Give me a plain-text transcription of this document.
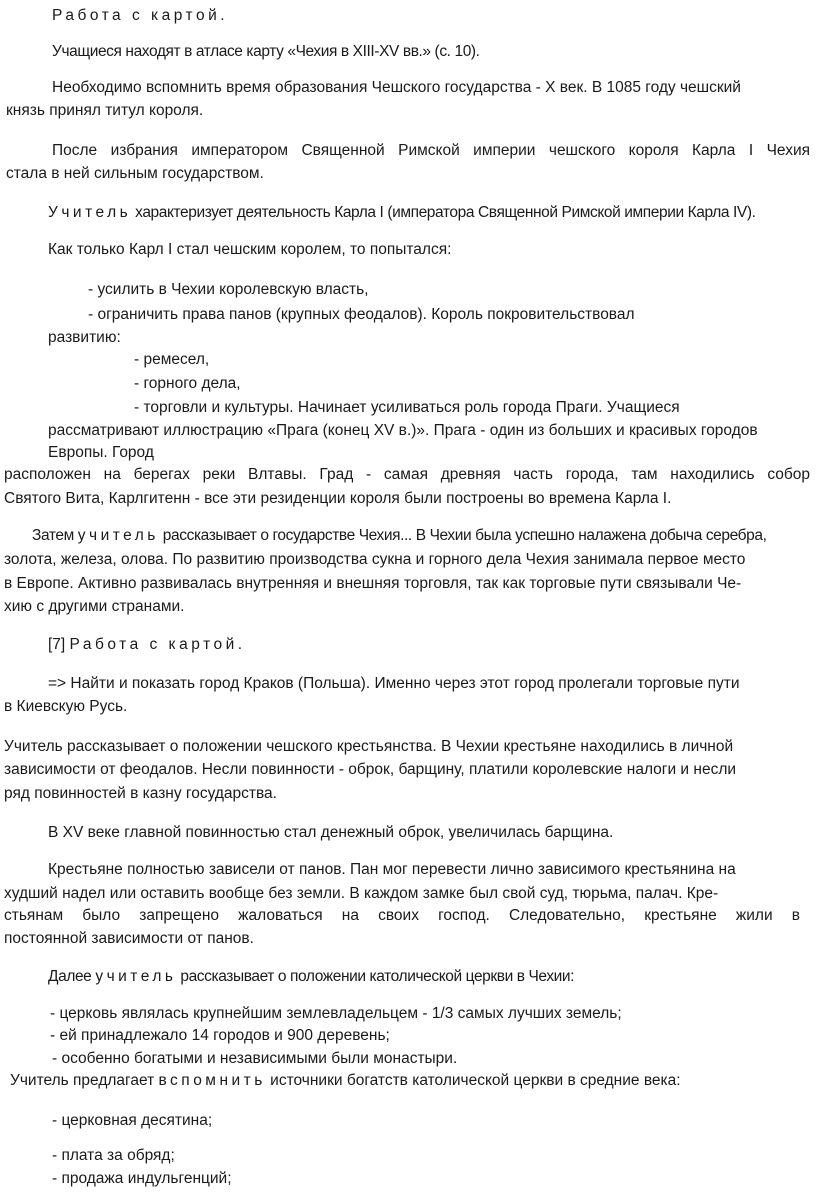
Работа с картой.

Учащиеся находят в атласе карту «Чехия в XIII-XV вв.» (с. 10).

Необходимо вспомнить время образования Чешского государства - X век. В 1085 году чешский

князь принял титул короля.

После избрания императором Священной Римской империи чешского короля Карла I Чехия

стала в ней сильным государством.

Учитель характеризует деятельность Карла I (императора Священной Римской империи Карла IV).

Как только Карл I стал чешским королем, то попытался:

- усилить в Чехии королевскую власть,

- ограничить права панов (крупных феодалов). Король покровительствовал

развитию:

- ремесел,

- горного дела,

- торговли и культуры. Начинает усиливаться роль города Праги. Учащиеся

рассматривают иллюстрацию «Прага (конец XV в.)». Прага - один из больших и красивых городов

Европы. Город

расположен на берегах реки Влтавы. Град - самая древняя часть города, там находились собор

Святого Вита, Карлгитенн - все эти резиденции короля были построены во времена Карла I.

Затем учитель рассказывает о государстве Чехия... В Чехии была успешно налажена добыча серебра,

золота, железа, олова. По развитию производства сукна и горного дела Чехия занимала первое место

в Европе. Активно развивалась внутренняя и внешняя торговля, так как торговые пути связывали Че-

хию с другими странами.

[7] Работа с картой.

=> Найти и показать город Краков (Польша). Именно через этот город пролегали торговые пути

в Киевскую Русь.

Учитель рассказывает о положении чешского крестьянства. В Чехии крестьяне находились в личной

зависимости от феодалов. Несли повинности - оброк, барщину, платили королевские налоги и несли

ряд повинностей в казну государства.

В XV веке главной повинностью стал денежный оброк, увеличилась барщина.

Крестьяне полностью зависели от панов. Пан мог перевести лично зависимого крестьянина на

худший надел или оставить вообще без земли. В каждом замке был свой суд, тюрьма, палач. Кре-

стьянам было запрещено жаловаться на своих господ. Следовательно, крестьяне жили в

постоянной зависимости от панов.

Далее учитель рассказывает о положении католической церкви в Чехии:

- церковь являлась крупнейшим землевладельцем - 1/3 самых лучших земель;

- ей принадлежало 14 городов и 900 деревень;

- особенно богатыми и независимыми были монастыри.

Учитель предлагает вспомнить источники богатств католической церкви в средние века:

- церковная десятина;

- плата за обряд;

- продажа индульгенций;
